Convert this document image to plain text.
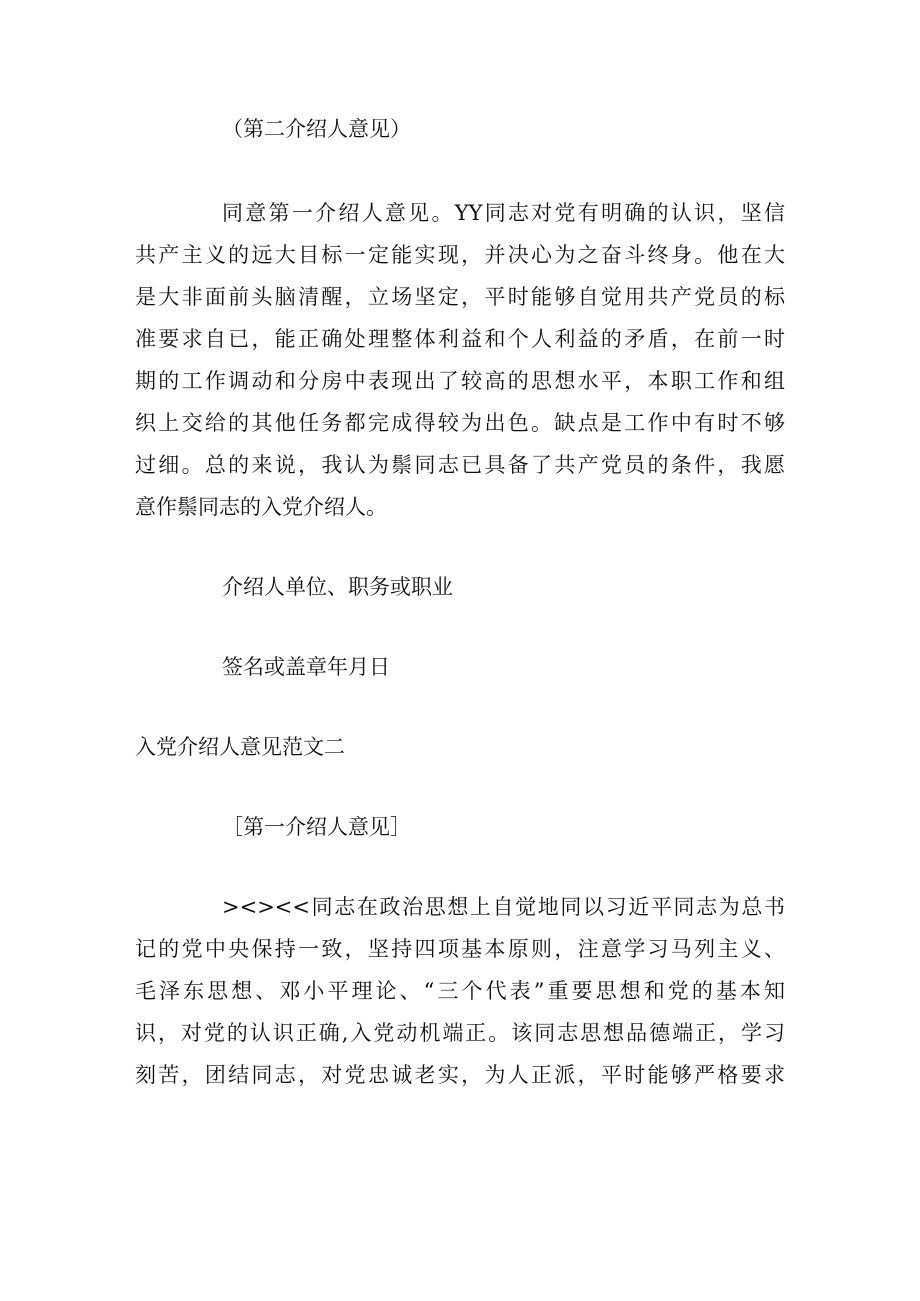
（第二介绍人意见）
同意第一介绍人意见。YY同志对党有明确的认识，坚信
共产主义的远大目标一定能实现，并决心为之奋斗终身。他在大
是大非面前头脑清醒，立场坚定，平时能够自觉用共产党员的标
准要求自已，能正确处理整体利益和个人利益的矛盾，在前一时
期的工作调动和分房中表现出了较高的思想水平，本职工作和组
织上交给的其他任务都完成得较为出色。缺点是工作中有时不够
过细。总的来说，我认为鬃同志已具备了共产党员的条件，我愿
意作鬃同志的入党介绍人。
介绍人单位、职务或职业
签名或盖章年月日
入党介绍人意见范文二
［第一介绍人意见］
><><<同志在政治思想上自觉地同以习近平同志为总书
记的党中央保持一致，坚持四项基本原则，注意学习马列主义、
毛泽东思想、邓小平理论、“三个代表”重要思想和党的基本知
识，对党的认识正确,入党动机端正。该同志思想品德端正，学习
刻苦，团结同志，对党忠诚老实，为人正派，平时能够严格要求
